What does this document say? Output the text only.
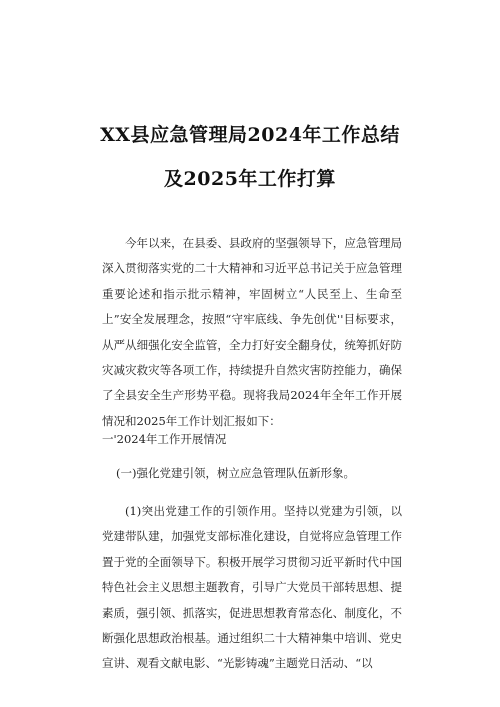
XX县应急管理局2024年工作总结
及2025年工作打算

今年以来，在县委、县政府的坚强领导下，应急管理局深入贯彻落实党的二十大精神和习近平总书记关于应急管理重要论述和指示批示精神，牢固树立“人民至上、生命至上”安全发展理念，按照“守牢底线、争先创优''目标要求，从严从细强化安全监管，全力打好安全翻身仗，统筹抓好防灾减灾救灾等各项工作，持续提升自然灾害防控能力，确保了全县安全生产形势平稳。现将我局2024年全年工作开展情况和2025年工作计划汇报如下：

一'2024年工作开展情况
(一)强化党建引领，树立应急管理队伍新形象。

(1)突出党建工作的引领作用。坚持以党建为引领，以党建带队建，加强党支部标准化建设，自觉将应急管理工作置于党的全面领导下。积极开展学习贯彻习近平新时代中国特色社会主义思想主题教育，引导广大党员干部转思想、提素质，强引领、抓落实，促进思想教育常态化、制度化，不断强化思想政治根基。通过组织二十大精神集中培训、党史宣讲、观看文献电影、“光影铸魂”主题党日活动、“以
